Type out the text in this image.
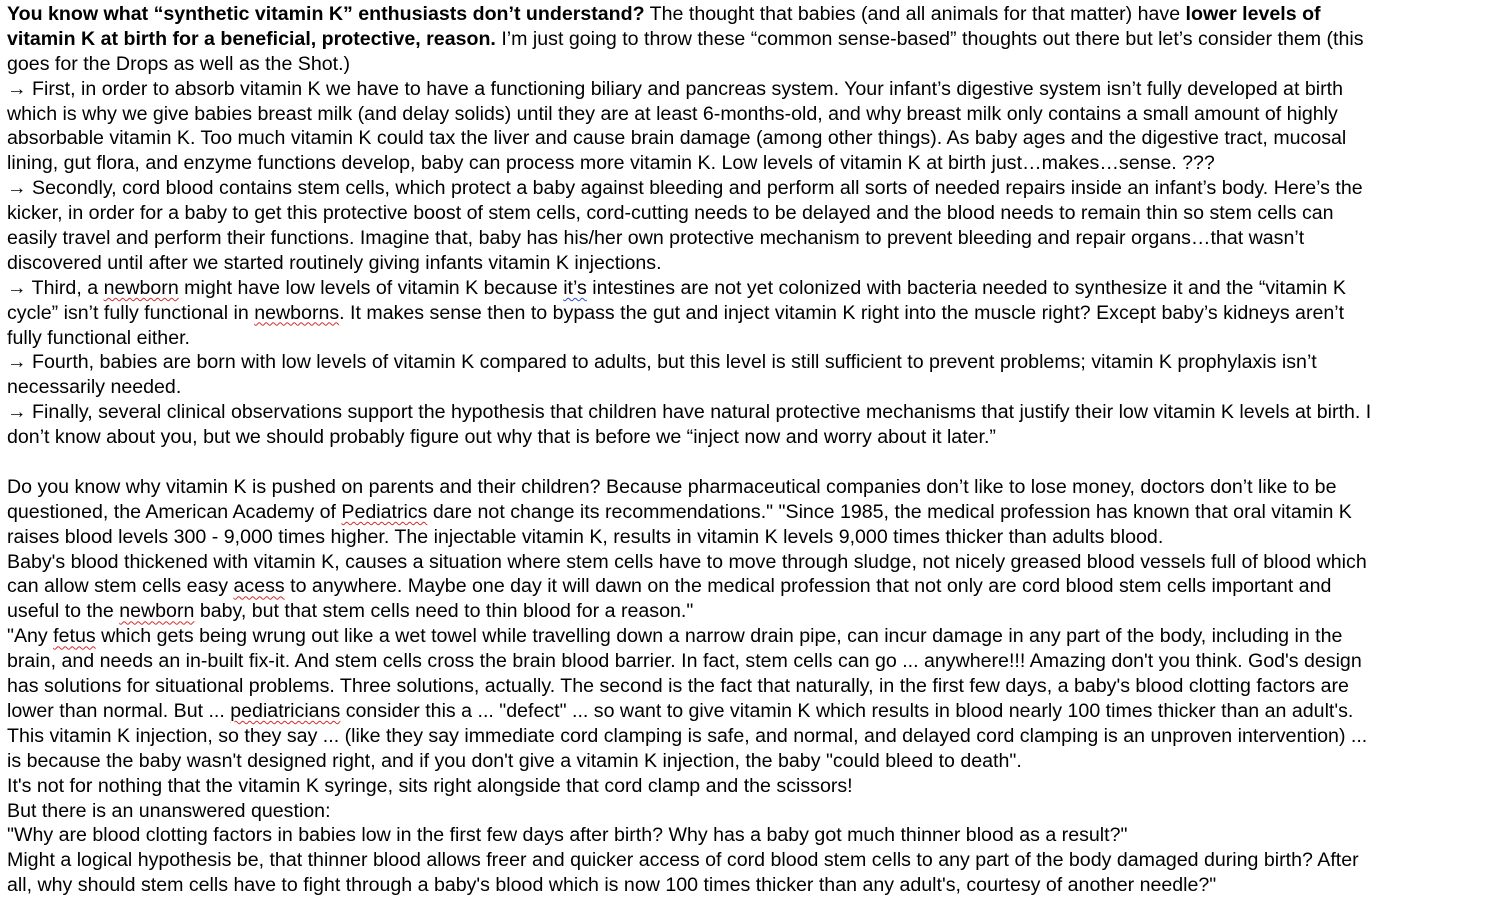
You know what “synthetic vitamin K” enthusiasts don’t understand? The thought that babies (and all animals for that matter) have lower levels of
vitamin K at birth for a beneficial, protective, reason. I’m just going to throw these “common sense-based” thoughts out there but let’s consider them (this
goes for the Drops as well as the Shot.)
→ First, in order to absorb vitamin K we have to have a functioning biliary and pancreas system. Your infant’s digestive system isn’t fully developed at birth
which is why we give babies breast milk (and delay solids) until they are at least 6-months-old, and why breast milk only contains a small amount of highly
absorbable vitamin K. Too much vitamin K could tax the liver and cause brain damage (among other things). As baby ages and the digestive tract, mucosal
lining, gut flora, and enzyme functions develop, baby can process more vitamin K. Low levels of vitamin K at birth just…makes…sense. ???
→ Secondly, cord blood contains stem cells, which protect a baby against bleeding and perform all sorts of needed repairs inside an infant’s body. Here’s the
kicker, in order for a baby to get this protective boost of stem cells, cord-cutting needs to be delayed and the blood needs to remain thin so stem cells can
easily travel and perform their functions. Imagine that, baby has his/her own protective mechanism to prevent bleeding and repair organs…that wasn’t
discovered until after we started routinely giving infants vitamin K injections.
→ Third, a newborn might have low levels of vitamin K because it’s intestines are not yet colonized with bacteria needed to synthesize it and the “vitamin K
cycle” isn’t fully functional in newborns. It makes sense then to bypass the gut and inject vitamin K right into the muscle right? Except baby’s kidneys aren’t
fully functional either.
→ Fourth, babies are born with low levels of vitamin K compared to adults, but this level is still sufficient to prevent problems; vitamin K prophylaxis isn’t
necessarily needed.
→ Finally, several clinical observations support the hypothesis that children have natural protective mechanisms that justify their low vitamin K levels at birth. I
don’t know about you, but we should probably figure out why that is before we “inject now and worry about it later.”
Do you know why vitamin K is pushed on parents and their children? Because pharmaceutical companies don’t like to lose money, doctors don’t like to be
questioned, the American Academy of Pediatrics dare not change its recommendations." "Since 1985, the medical profession has known that oral vitamin K
raises blood levels 300 - 9,000 times higher. The injectable vitamin K, results in vitamin K levels 9,000 times thicker than adults blood.
Baby's blood thickened with vitamin K, causes a situation where stem cells have to move through sludge, not nicely greased blood vessels full of blood which
can allow stem cells easy acess to anywhere. Maybe one day it will dawn on the medical profession that not only are cord blood stem cells important and
useful to the newborn baby, but that stem cells need to thin blood for a reason."
"Any fetus which gets being wrung out like a wet towel while travelling down a narrow drain pipe, can incur damage in any part of the body, including in the
brain, and needs an in-built fix-it. And stem cells cross the brain blood barrier. In fact, stem cells can go ... anywhere!!! Amazing don't you think. God's design
has solutions for situational problems. Three solutions, actually. The second is the fact that naturally, in the first few days, a baby's blood clotting factors are
lower than normal. But ... pediatricians consider this a ... "defect" ... so want to give vitamin K which results in blood nearly 100 times thicker than an adult's.
This vitamin K injection, so they say ... (like they say immediate cord clamping is safe, and normal, and delayed cord clamping is an unproven intervention) ...
is because the baby wasn't designed right, and if you don't give a vitamin K injection, the baby "could bleed to death".
It's not for nothing that the vitamin K syringe, sits right alongside that cord clamp and the scissors!
But there is an unanswered question:
"Why are blood clotting factors in babies low in the first few days after birth? Why has a baby got much thinner blood as a result?"
Might a logical hypothesis be, that thinner blood allows freer and quicker access of cord blood stem cells to any part of the body damaged during birth? After
all, why should stem cells have to fight through a baby's blood which is now 100 times thicker than any adult's, courtesy of another needle?"
